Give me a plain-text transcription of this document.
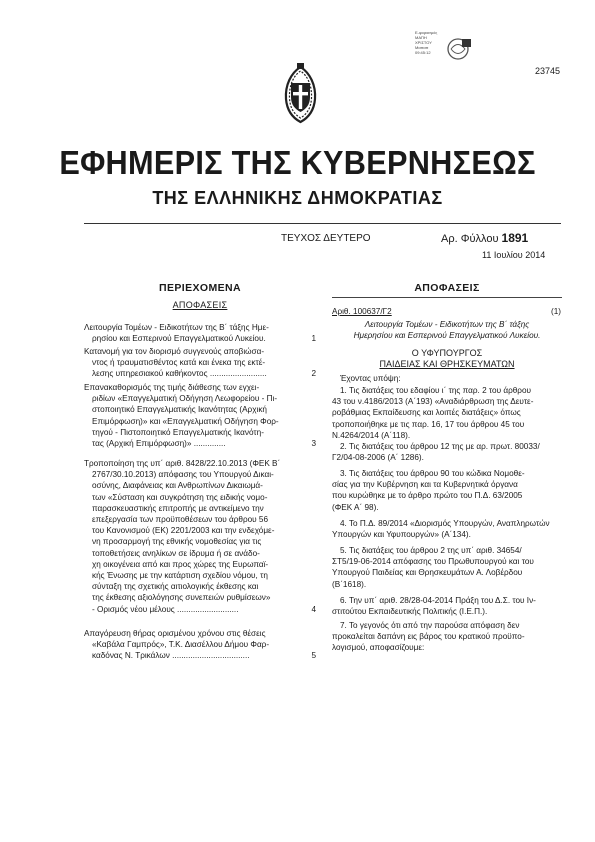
Ε-φορασμός
ΜΑΠΗ
ΧΡΙΣΤΟΥ
Μαπαπ
09:45:12
23745
ΕΦΗΜΕΡΙΣ ΤΗΣ ΚΥΒΕΡΝΗΣΕΩΣ
ΤΗΣ ΕΛΛΗΝΙΚΗΣ ΔΗΜΟΚΡΑΤΙΑΣ
ΤΕΥΧΟΣ ΔΕΥΤΕΡΟ	Αρ. Φύλλου 1891
11 Ιουλίου 2014
ΠΕΡΙΕΧΟΜΕΝΑ
ΑΠΟΦΑΣΕΙΣ
Λειτουργία Τομέων - Ειδικοτήτων της Β΄ τάξης Ημε-
ρησίου και Εσπερινού Επαγγελματικού Λυκείου.	1
Κατανομή για τον διορισμό συγγενούς αποβιώσα-
ντος ή τραυματισθέντος κατά και ένεκα της εκτέ-
λεσης υπηρεσιακού καθήκοντος .........................	2
Επανακαθορισμός της τιμής διάθεσης των εγχει-
ριδίων «Επαγγελματική Οδήγηση Λεωφορείου - Πι-
στοποιητικό Επαγγελματικής Ικανότητας (Αρχική
Επιμόρφωση)» και «Επαγγελματική Οδήγηση Φορ-
τηγού - Πιστοποιητικό Επαγγελματικής Ικανότη-
τας (Αρχική Επιμόρφωση)» ..............	3
Τροποποίηση της υπ΄ αριθ. 8428/22.10.2013 (ΦΕΚ Β΄
2767/30.10.2013) απόφασης του Υπουργού Δικαι-
οσύνης, Διαφάνειας και Ανθρωπίνων Δικαιωμά-
των «Σύσταση και συγκρότηση της ειδικής νομο-
παρασκευαστικής επιτροπής με αντικείμενο την
επεξεργασία των προϋποθέσεων του άρθρου 56
του Κανονισμού (ΕΚ) 2201/2003 και την ενδεχόμε-
νη προσαρμογή της εθνικής νομοθεσίας για τις
τοποθετήσεις ανηλίκων σε ίδρυμα ή σε ανάδο-
χη οικογένεια από και προς χώρες της Ευρωπαϊ-
κής Ένωσης με την κατάρτιση σχεδίου νόμου, τη
σύνταξη της σχετικής αιτιολογικής έκθεσης και
της έκθεσης αξιολόγησης συνεπειών ρυθμίσεων»
- Ορισμός νέου μέλους ...........................	4
Απαγόρευση θήρας ορισμένου χρόνου στις θέσεις
«Καβάλα Γαμπρός», Τ.Κ. Διασέλλου Δήμου Φαρ-
καδόνας Ν. Τρικάλων ..................................	5
ΑΠΟΦΑΣΕΙΣ
Αριθ. 100637/Γ2	(1)
Λειτουργία Τομέων - Ειδικοτήτων της Β΄ τάξης
Ημερησίου και Εσπερινού Επαγγελματικού Λυκείου.
Ο ΥΦΥΠΟΥΡΓΟΣ
ΠΑΙΔΕΙΑΣ ΚΑΙ ΘΡΗΣΚΕΥΜΑΤΩΝ
Έχοντας υπόψη:
1. Τις διατάξεις του εδαφίου ι΄ της παρ. 2 του άρθρου
43 του ν.4186/2013 (Α΄193) «Αναδιάρθρωση της Δευτε-
ροβάθμιας Εκπαίδευσης και λοιπές διατάξεις» όπως
τροποποιήθηκε με τις παρ. 16, 17 του άρθρου 45 του
Ν.4264/2014 (Α΄118).
2. Τις διατάξεις του άρθρου 12 της με αρ. πρωτ. 80033/
Γ2/04-08-2006 (Α΄ 1286).
3. Τις διατάξεις του άρθρου 90 του κώδικα Νομοθε-
σίας για την Κυβέρνηση και τα Κυβερνητικά όργανα
που κυρώθηκε με το άρθρο πρώτο του Π.Δ. 63/2005
(ΦΕΚ Α΄ 98).
4. Το Π.Δ. 89/2014 «Διορισμός Υπουργών, Αναπληρωτών
Υπουργών και Υφυπουργών» (Α΄134).
5. Τις διατάξεις του άρθρου 2 της υπ΄ αριθ. 34654/
ΣΤ5/19-06-2014 απόφασης του Πρωθυπουργού και του
Υπουργού Παιδείας και Θρησκευμάτων Α. Λοβέρδου
(Β΄1618).
6. Την υπ΄ αριθ. 28/28-04-2014 Πράξη του Δ.Σ. του Ιν-
στιτούτου Εκπαιδευτικής Πολιτικής (Ι.Ε.Π.).
7. Το γεγονός ότι από την παρούσα απόφαση δεν
προκαλείται δαπάνη εις βάρος του κρατικού προϋπο-
λογισμού, αποφασίζουμε:
